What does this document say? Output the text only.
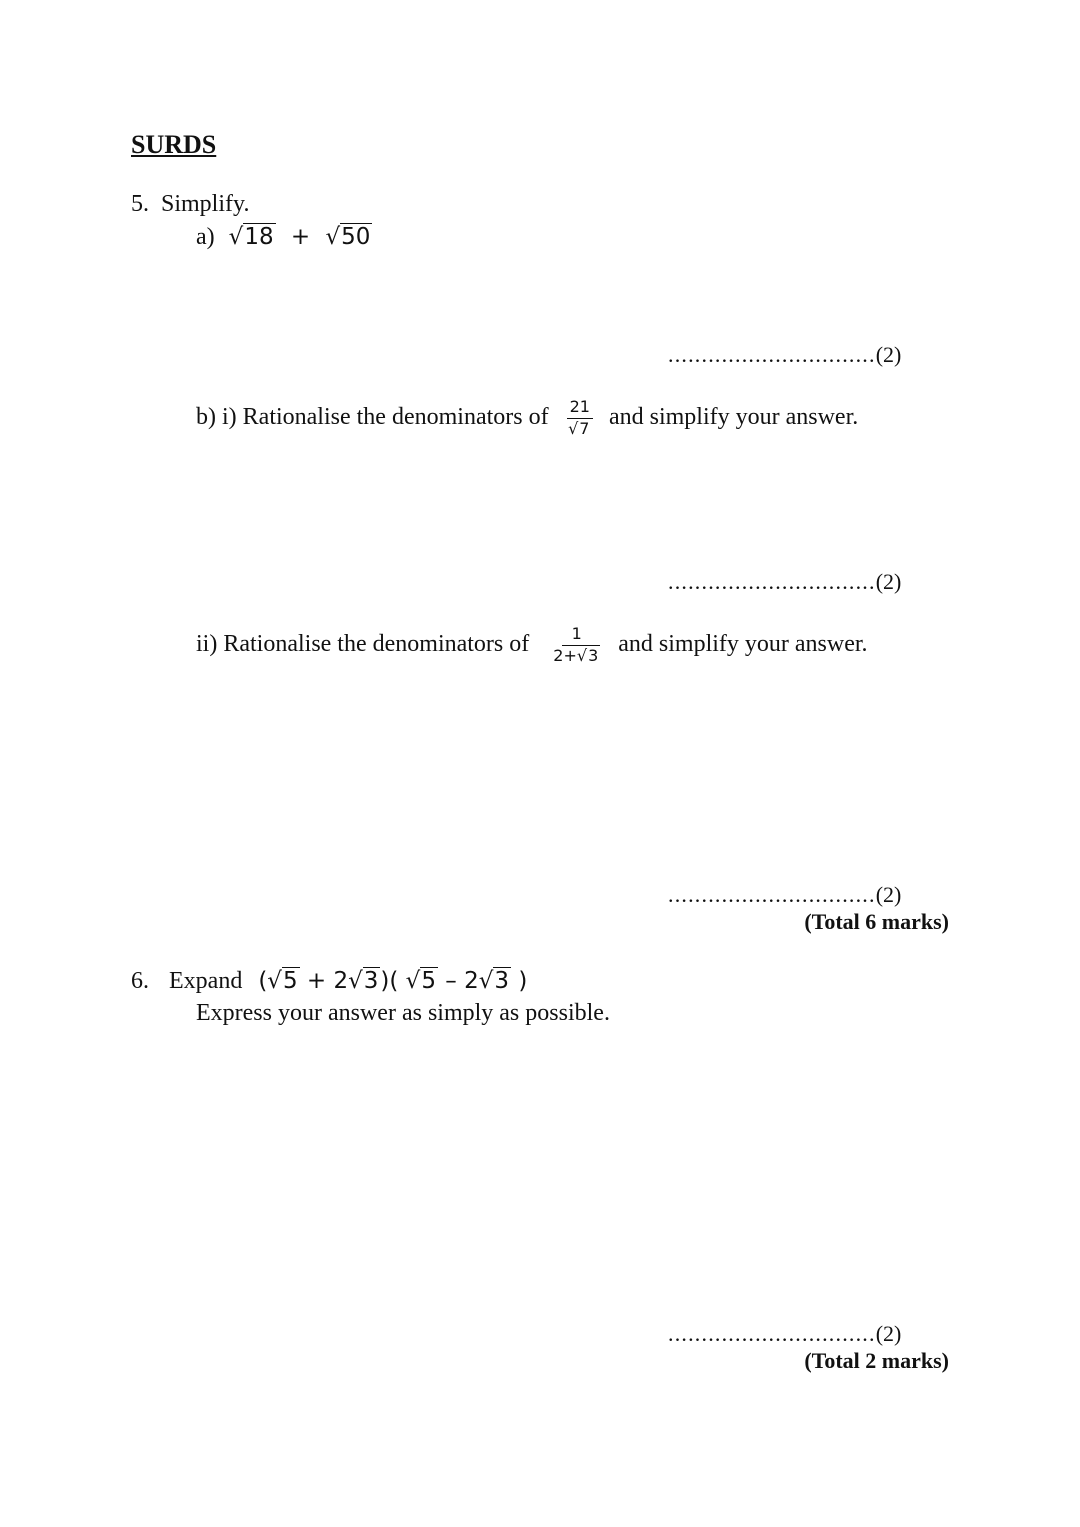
SURDS
5. Simplify.
a) √18 + √50
...............................(2)
b) i) Rationalise the denominators of $\frac{21}{√7}$ and simplify your answer.
...............................(2)
ii) Rationalise the denominators of $\frac{1}{2+√3}$ and simplify your answer.
...............................(2)
(Total 6 marks)
6. Expand (√5 + 2√3)( √5 – 2√3 )
Express your answer as simply as possible.
...............................(2)
(Total 2 marks)
